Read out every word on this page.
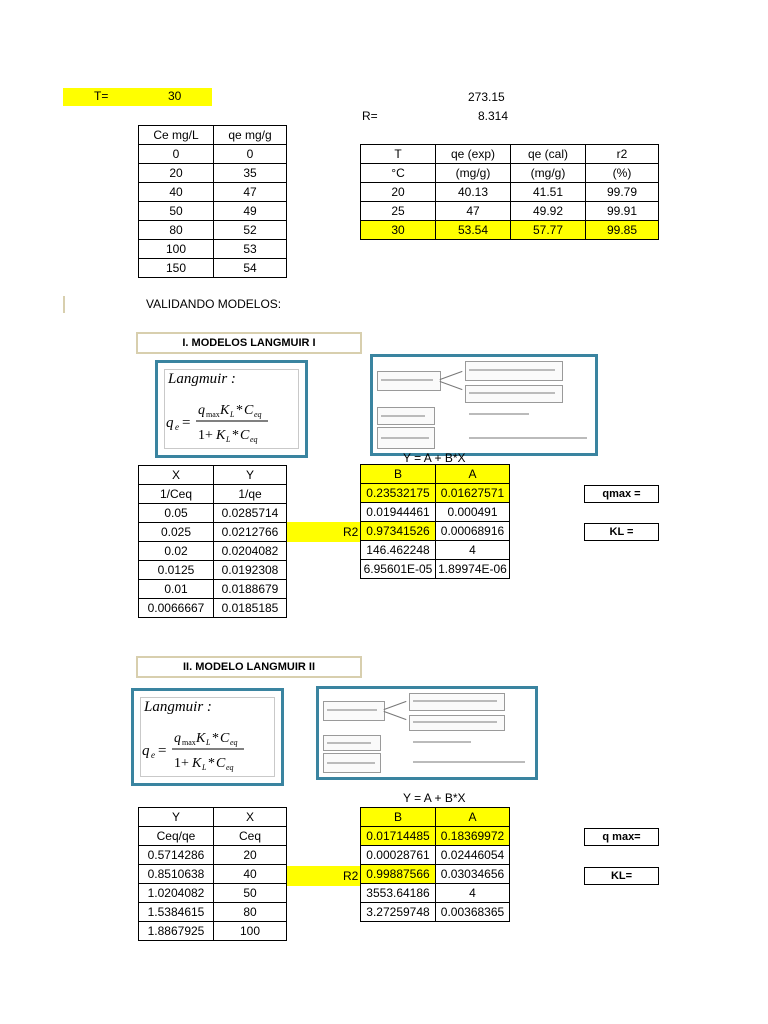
T=	30	273.15
R=	8.314
Ce mg/L	qe mg/g
0	0
20	35
40	47
50	49
80	52
100	53
150	54
T	qe (exp)	qe (cal)	r2
°C	(mg/g)	(mg/g)	(%)
20	40.13	41.51	99.79
25	47	49.92	99.91
30	53.54	57.77	99.85
VALIDANDO MODELOS:
I. MODELOS LANGMUIR I
Langmuir :
q e =
q max K L * C eq
1+ K L * C eq
Y = A + B*X
X	Y
1/Ceq	1/qe
0.05	0.0285714
0.025	0.0212766
0.02	0.0204082
0.0125	0.0192308
0.01	0.0188679
0.0066667	0.0185185
R2
B	A
0.23532175	0.01627571
0.01944461	0.000491
0.97341526	0.00068916
146.462248	4
6.95601E-05	1.89974E-06
qmax =
KL =
II. MODELO LANGMUIR II
Langmuir :
q e =
q max K L * C eq
1+ K L * C eq
Y = A + B*X
Y	X
Ceq/qe	Ceq
0.5714286	20
0.8510638	40
1.0204082	50
1.5384615	80
1.8867925	100
R2
B	A
0.01714485	0.18369972
0.00028761	0.02446054
0.99887566	0.03034656
3553.64186	4
3.27259748	0.00368365
q max=
KL=
